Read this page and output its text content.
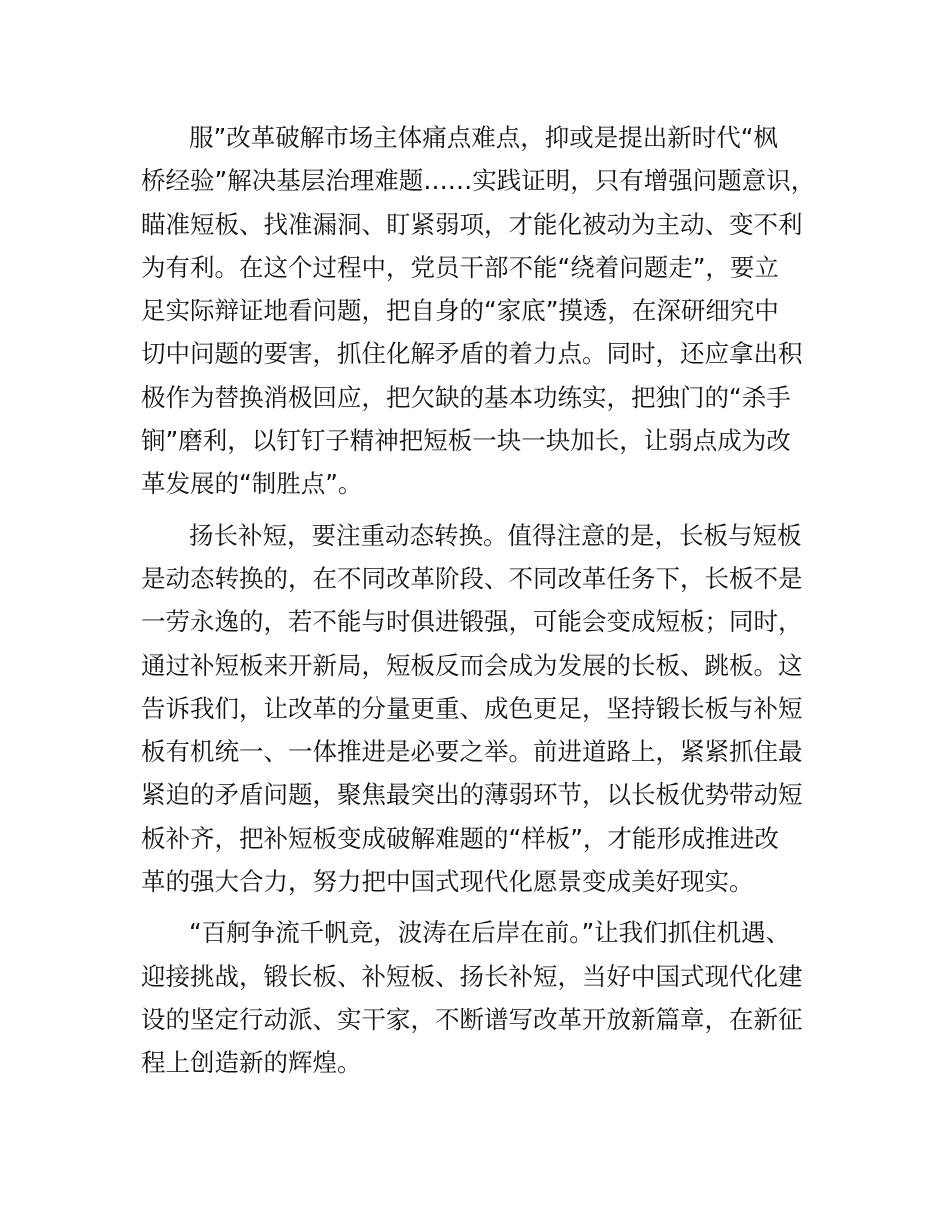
服”改革破解市场主体痛点难点，抑或是提出新时代“枫
桥经验”解决基层治理难题……实践证明，只有增强问题意识，
瞄准短板、找准漏洞、盯紧弱项，才能化被动为主动、变不利
为有利。在这个过程中，党员干部不能“绕着问题走”，要立
足实际辩证地看问题，把自身的“家底”摸透，在深研细究中
切中问题的要害，抓住化解矛盾的着力点。同时，还应拿出积
极作为替换消极回应，把欠缺的基本功练实，把独门的“杀手
锏”磨利，以钉钉子精神把短板一块一块加长，让弱点成为改
革发展的“制胜点”。

扬长补短，要注重动态转换。值得注意的是，长板与短板
是动态转换的，在不同改革阶段、不同改革任务下，长板不是
一劳永逸的，若不能与时俱进锻强，可能会变成短板；同时，
通过补短板来开新局，短板反而会成为发展的长板、跳板。这
告诉我们，让改革的分量更重、成色更足，坚持锻长板与补短
板有机统一、一体推进是必要之举。前进道路上，紧紧抓住最
紧迫的矛盾问题，聚焦最突出的薄弱环节，以长板优势带动短
板补齐，把补短板变成破解难题的“样板”，才能形成推进改
革的强大合力，努力把中国式现代化愿景变成美好现实。

“百舸争流千帆竞，波涛在后岸在前。”让我们抓住机遇、
迎接挑战，锻长板、补短板、扬长补短，当好中国式现代化建
设的坚定行动派、实干家，不断谱写改革开放新篇章，在新征
程上创造新的辉煌。
